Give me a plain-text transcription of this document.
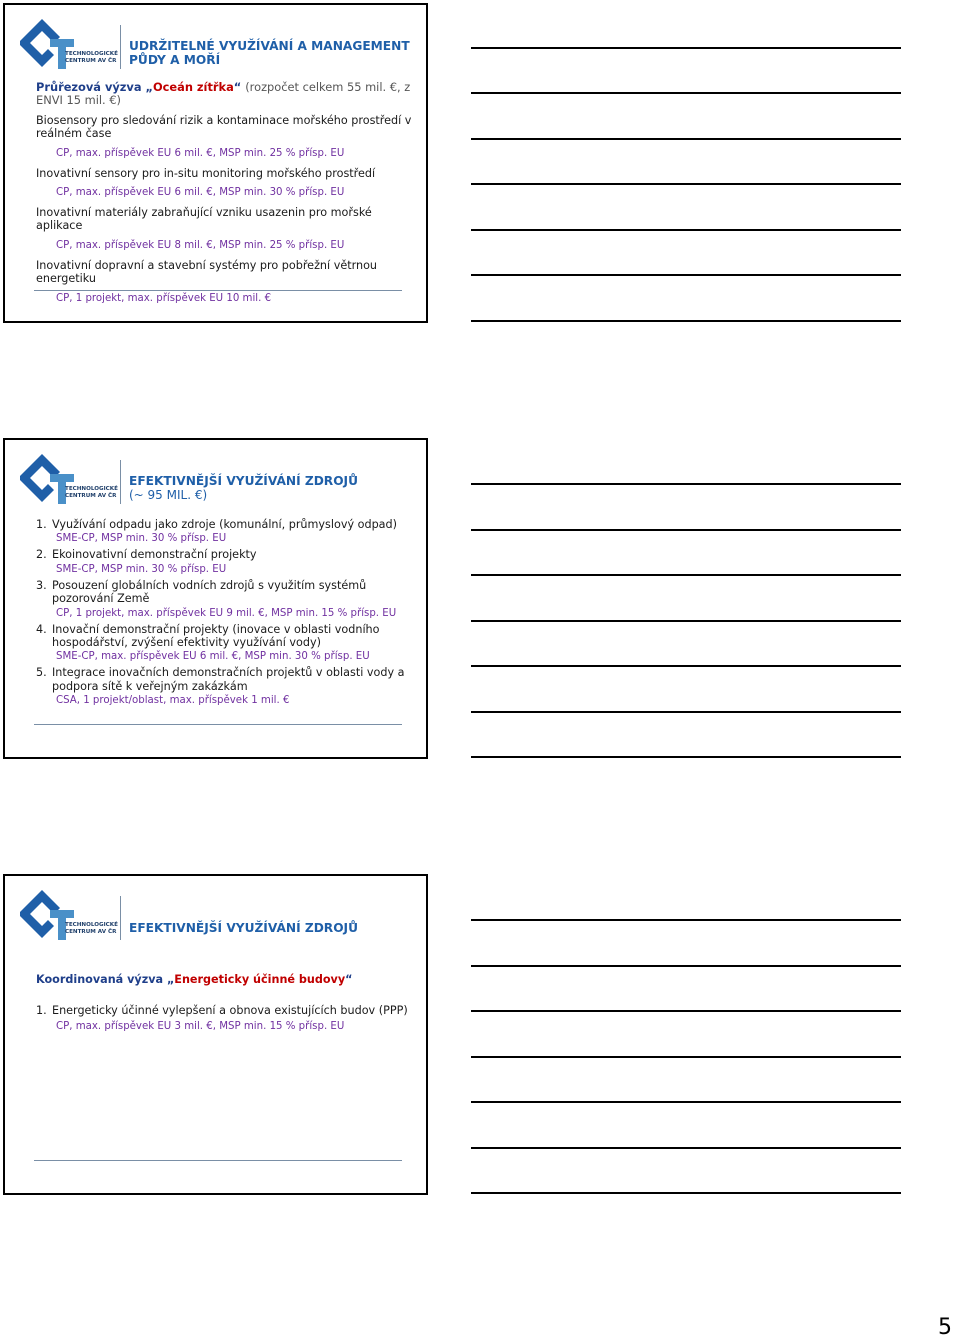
TECHNOLOGICKÉ
CENTRUM AV ČR
UDRŽITELNÉ VYUŽÍVÁNÍ A MANAGEMENT
PŮDY A MOŘÍ

Průřezová výzva „Oceán zítřka“ (rozpočet celkem 55 mil. €, z ENVI 15 mil. €)

Biosensory pro sledování rizik a kontaminace mořského prostředí v reálném čase

CP, max. příspěvek EU 6 mil. €, MSP min. 25 % přísp. EU

Inovativní sensory pro in-situ monitoring mořského prostředí

CP, max. příspěvek EU 6 mil. €, MSP min. 30 % přísp. EU

Inovativní materiály zabraňující vzniku usazenin pro mořské aplikace

CP, max. příspěvek EU 8 mil. €, MSP min. 25 % přísp. EU

Inovativní dopravní a stavební systémy pro pobřežní větrnou energetiku

CP, 1 projekt, max. příspěvek EU 10 mil. €

TECHNOLOGICKÉ
CENTRUM AV ČR
EFEKTIVNĚJŠÍ VYUŽÍVÁNÍ ZDROJŮ
(~ 95 MIL. €)
1. Využívání odpadu jako zdroje (komunální, průmyslový odpad)

SME-CP, MSP min. 30 % přísp. EU

2. Ekoinovativní demonstrační projekty

SME-CP, MSP min. 30 % přísp. EU

3. Posouzení globálních vodních zdrojů s využitím systémů pozorování Země

CP, 1 projekt, max. příspěvek EU 9 mil. €, MSP min. 15 % přísp. EU

4. Inovační demonstrační projekty (inovace v oblasti vodního hospodářství, zvýšení efektivity využívání vody)

SME-CP, max. příspěvek EU 6 mil. €, MSP min. 30 % přísp. EU

5. Integrace inovačních demonstračních projektů v oblasti vody a podpora sítě k veřejným zakázkám

CSA, 1 projekt/oblast, max. příspěvek 1 mil. €

TECHNOLOGICKÉ
CENTRUM AV ČR EFEKTIVNĚJŠÍ VYUŽÍVÁNÍ ZDROJŮ

Koordinovaná výzva „Energeticky účinné budovy“

1. Energeticky účinné vylepšení a obnova existujících budov (PPP)

CP, max. příspěvek EU 3 mil. €, MSP min. 15 % přísp. EU

5
